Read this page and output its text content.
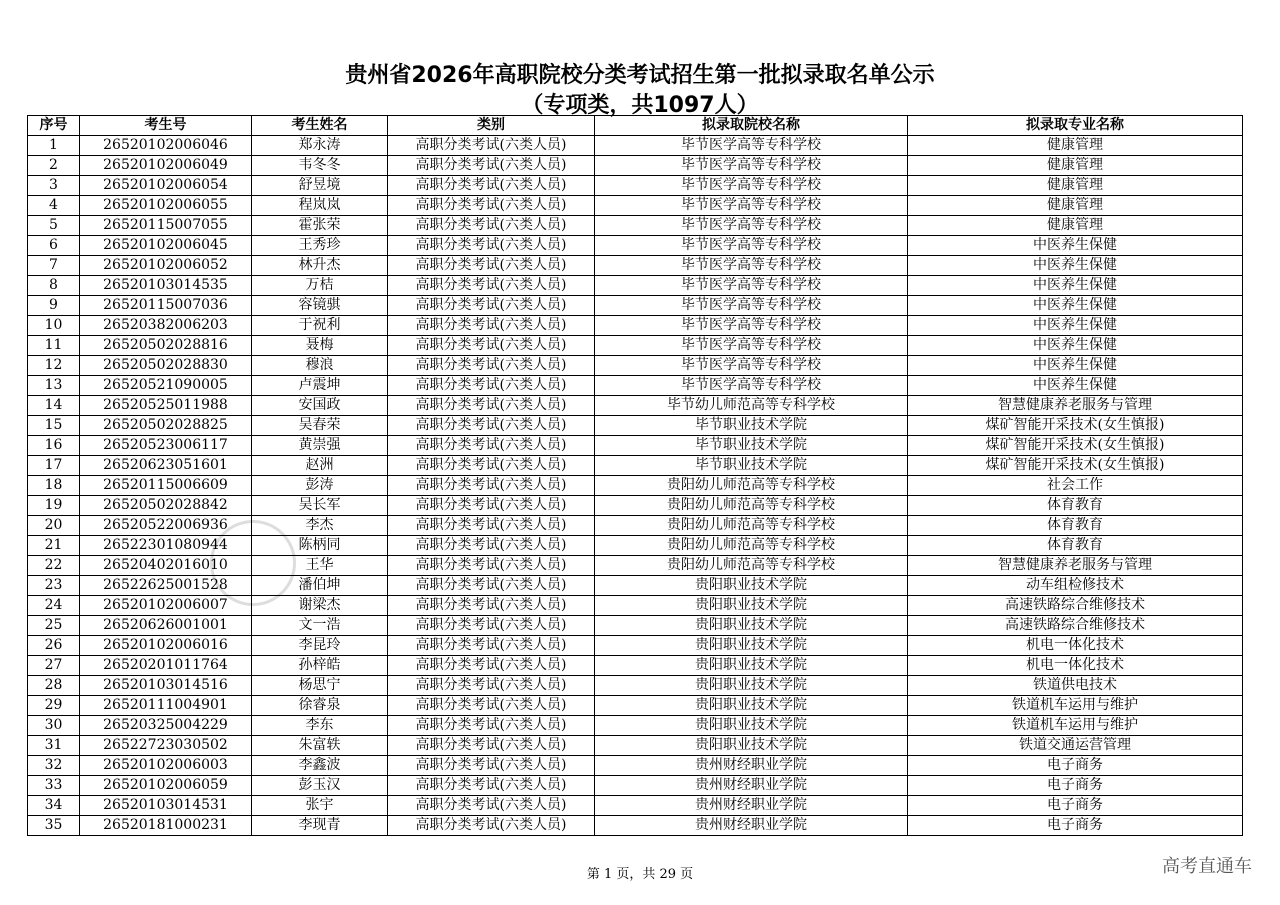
贵州省2026年高职院校分类考试招生第一批拟录取名单公示
（专项类，共1097人）
序号	考生号	考生姓名	类别	拟录取院校名称	拟录取专业名称
1	26520102006046	郑永涛	高职分类考试(六类人员)	毕节医学高等专科学校	健康管理
2	26520102006049	韦冬冬	高职分类考试(六类人员)	毕节医学高等专科学校	健康管理
3	26520102006054	舒昱境	高职分类考试(六类人员)	毕节医学高等专科学校	健康管理
4	26520102006055	程岚岚	高职分类考试(六类人员)	毕节医学高等专科学校	健康管理
5	26520115007055	霍张荣	高职分类考试(六类人员)	毕节医学高等专科学校	健康管理
6	26520102006045	王秀珍	高职分类考试(六类人员)	毕节医学高等专科学校	中医养生保健
7	26520102006052	林升杰	高职分类考试(六类人员)	毕节医学高等专科学校	中医养生保健
8	26520103014535	万桔	高职分类考试(六类人员)	毕节医学高等专科学校	中医养生保健
9	26520115007036	容镜骐	高职分类考试(六类人员)	毕节医学高等专科学校	中医养生保健
10	26520382006203	于祝利	高职分类考试(六类人员)	毕节医学高等专科学校	中医养生保健
11	26520502028816	聂梅	高职分类考试(六类人员)	毕节医学高等专科学校	中医养生保健
12	26520502028830	穆浪	高职分类考试(六类人员)	毕节医学高等专科学校	中医养生保健
13	26520521090005	卢震坤	高职分类考试(六类人员)	毕节医学高等专科学校	中医养生保健
14	26520525011988	安国政	高职分类考试(六类人员)	毕节幼儿师范高等专科学校	智慧健康养老服务与管理
15	26520502028825	吴春荣	高职分类考试(六类人员)	毕节职业技术学院	煤矿智能开采技术(女生慎报)
16	26520523006117	黄崇强	高职分类考试(六类人员)	毕节职业技术学院	煤矿智能开采技术(女生慎报)
17	26520623051601	赵洲	高职分类考试(六类人员)	毕节职业技术学院	煤矿智能开采技术(女生慎报)
18	26520115006609	彭涛	高职分类考试(六类人员)	贵阳幼儿师范高等专科学校	社会工作
19	26520502028842	吴长军	高职分类考试(六类人员)	贵阳幼儿师范高等专科学校	体育教育
20	26520522006936	李杰	高职分类考试(六类人员)	贵阳幼儿师范高等专科学校	体育教育
21	26522301080944	陈柄同	高职分类考试(六类人员)	贵阳幼儿师范高等专科学校	体育教育
22	26520402016010	王华	高职分类考试(六类人员)	贵阳幼儿师范高等专科学校	智慧健康养老服务与管理
23	26522625001528	潘伯坤	高职分类考试(六类人员)	贵阳职业技术学院	动车组检修技术
24	26520102006007	谢梁杰	高职分类考试(六类人员)	贵阳职业技术学院	高速铁路综合维修技术
25	26520626001001	文一浩	高职分类考试(六类人员)	贵阳职业技术学院	高速铁路综合维修技术
26	26520102006016	李昆玲	高职分类考试(六类人员)	贵阳职业技术学院	机电一体化技术
27	26520201011764	孙梓皓	高职分类考试(六类人员)	贵阳职业技术学院	机电一体化技术
28	26520103014516	杨思宁	高职分类考试(六类人员)	贵阳职业技术学院	铁道供电技术
29	26520111004901	徐睿泉	高职分类考试(六类人员)	贵阳职业技术学院	铁道机车运用与维护
30	26520325004229	李东	高职分类考试(六类人员)	贵阳职业技术学院	铁道机车运用与维护
31	26522723030502	朱富轶	高职分类考试(六类人员)	贵阳职业技术学院	铁道交通运营管理
32	26520102006003	李鑫波	高职分类考试(六类人员)	贵州财经职业学院	电子商务
33	26520102006059	彭玉汉	高职分类考试(六类人员)	贵州财经职业学院	电子商务
34	26520103014531	张宇	高职分类考试(六类人员)	贵州财经职业学院	电子商务
35	26520181000231	李现青	高职分类考试(六类人员)	贵州财经职业学院	电子商务
第 1 页，共 29 页	高考直通车
